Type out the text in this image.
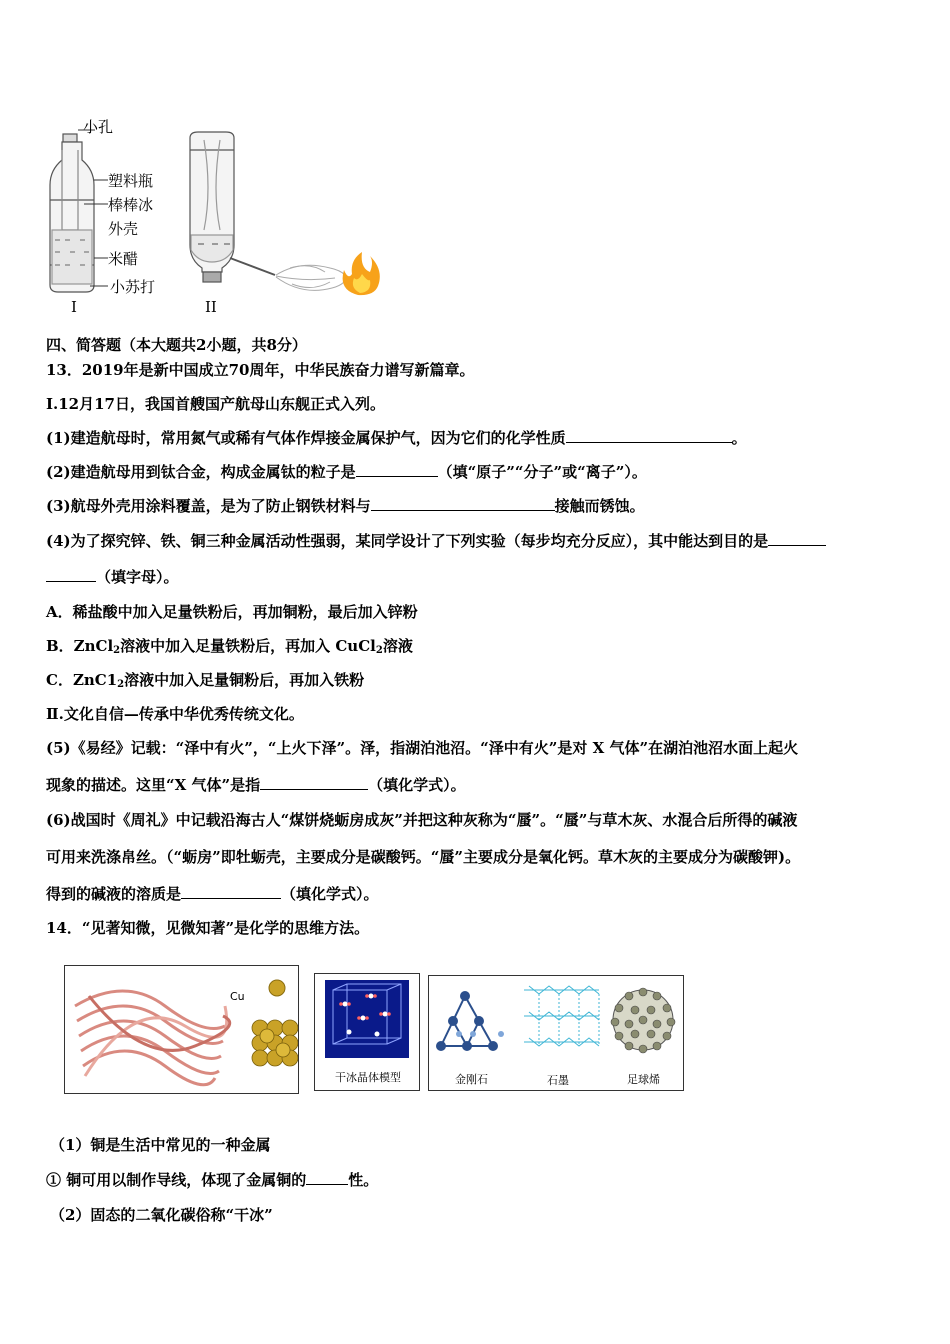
小孔
塑料瓶
棒棒冰
外壳
米醋
小苏打
I	II
四、简答题（本大题共2小题，共8分）
13．2019年是新中国成立70周年，中华民族奋力谱写新篇章。
I.12月17日，我国首艘国产航母山东舰正式入列。
(1)建造航母时，常用氮气或稀有气体作焊接金属保护气，因为它们的化学性质	。
(2)建造航母用到钛合金，构成金属钛的粒子是	（填“原子”“分子”或“离子”）。
(3)航母外壳用涂料覆盖，是为了防止钢铁材料与	接触而锈蚀。
(4)为了探究锌、铁、铜三种金属活动性强弱，某同学设计了下列实验（每步均充分反应），其中能达到目的是
（填字母）。
A．稀盐酸中加入足量铁粉后，再加铜粉，最后加入锌粉
B．ZnCl$_2$溶液中加入足量铁粉后，再加入 CuCl$_2$溶液
C．$ZnC1_2$溶液中加入足量铜粉后，再加入铁粉
Ⅱ.文化自信—传承中华优秀传统文化。
(5)《易经》记载：“泽中有火”，“上火下泽”。泽，指湖泊池沼。“泽中有火”是对 X 气体”在湖泊池沼水面上起火
现象的描述。这里“X 气体”是指	（填化学式）。
(6)战国时《周礼》中记载沿海古人“煤饼烧蛎房成灰”并把这种灰称为“蜃”。“蜃”与草木灰、水混合后所得的碱液
可用来洗涤帛丝。（“蛎房”即牡蛎壳，主要成分是碳酸钙。“蜃”主要成分是氧化钙。草木灰的主要成分为碳酸钾)。
得到的碱液的溶质是	（填化学式）。
14．“见著知微，见微知著”是化学的思维方法。
Cu
干冰晶体模型	金刚石	石墨	足球烯
（1）铜是生活中常见的一种金属
① 铜可用以制作导线，体现了金属铜的	性。
（2）固态的二氧化碳俗称“干冰”
